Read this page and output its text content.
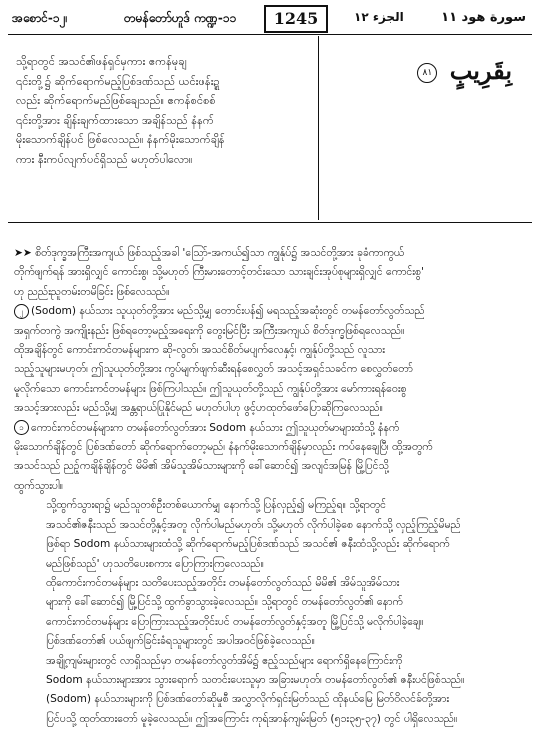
အစောင်-၁၂၊	တမန်တော်ဟူဒ် ကဏ္ဍ-၁၁	1245	الجزء ١٢	سورة هود ١١
သို့ရာတွင် အသင်၏ဖန်ရှင်မှကား ဧကန်မုချ
၎င်းတို့၌ ဆိုက်ရောက်မည့်ပြစ်ဒဏ်သည် ယင်းဖန်းဍ္ဍ
လည်း ဆိုက်ရောက်မည်ဖြစ်ချေသည်။ ဧကန်စင်စစ်
၎င်းတို့အား ချိန်းချက်ထားသော အချိန်သည် နံနက်
မိုးသောက်ချိန်ပင် ဖြစ်လေသည်။ နံနက်မိုးသောက်ချိန်
ကား နီးကပ်လျက်ပင်ရှိသည် မဟုတ်ပါလော။
بِقَرِيبٍ ٨١
➤➤ စိတ်ဒုက္ခအကြီးအကျယ် ဖြစ်သည့်အခါ 'သြော်-အကယ်၍သာ ကျွန်ုပ်၌ အသင်တို့အား ခုခံကာကွယ်
တိုက်ဖျက်ရန် အားရှိလျှင် ကောင်းစွ၊ သို့မဟုတ် ကြီးမားတောင့်တင်းသော သားချင်းအုပ်စုများရှိလျှင် ကောင်းစွ'
ဟု ညည်းညူတမ်းတမိခြင်း ဖြစ်လေသည်။
၂ (Sodom) နယ်သား သူယုတ်တို့အား မည်သို့မျှ တောင်းပန်၍ မရသည့်အဆုံးတွင် တမန်တော်လွတ်သည်
အရှက်တကွဲ အကျိုးနည်း ဖြစ်ရတော့မည့်အရေးကို တွေးမြင်ပြီး အကြီးအကျယ် စိတ်ဒုက္ခဖြစ်ရလေသည်။
ထိုအချိန်တွင် ကောင်းကင်တမန်များက ဆို-လွတ်၊ အသင်စိတ်မပျက်လေနှင့်၊ ကျွန်ုပ်တို့သည် လူသား
သည့်သူများမဟုတ်၊ ဤသူယုတ်တို့အား ကွပ်မျက်ဖျက်ဆီးရန်စေလွှတ် အသင့်အရှင်သခင်က စေလွှတ်တော်
မူလိုက်သော ကောင်းကင်တမန်များ ဖြစ်ကြပါသည်။ ဤသူယုတ်တို့သည် ကျွန်ုပ်တို့အား မော်ကားရန်ဝေးစွ
အသင့်အားလည်း မည်သို့မျှ အန္တရာယ်ပြုနိုင်မည် မဟုတ်ပါဟု ဖွင့်ဟထုတ်ဖော်ပြောဆိုကြလေသည်။
၁ ကောင်းကင်တမန်များက တမန်တော်လွတ်အား Sodom နယ်သား ဤသူယုတ်မာများထံသို့ နံနက်
မိုးသောက်ချိန်တွင် ပြစ်ဒဏ်တော် ဆိုက်ရောက်တော့မည်၊ နံနက်မိုးသောက်ချိန်မှာလည်း ကပ်နေချေပြီ၊ ထို့အတွက်
အသင်သည် ညဉ့်ကချိန်ချိန်တွင် မိမိ၏ အိမ်သူအိမ်သားများကို ခေါ်ဆောင်၍ အလျင်အမြန် မြို့ပြင်သို့
ထွက်သွားပါ။
သို့ထွက်သွားရာ၌ မည်သူတစ်ဦးတစ်ယောက်မျှ နောက်သို့ ပြန်လှည့်၍ မကြည့်ရ။ သို့ရာတွင်
အသင်၏ဇနီးသည် အသင်တို့နှင့်အတူ လိုက်ပါမည်မဟုတ်၊ သို့မဟုတ် လိုက်ပါခဲ့စေ နောက်သို့ လှည့်ကြည့်မိမည်
ဖြစ်ရာ Sodom နယ်သားများထံသို့ ဆိုက်ရောက်မည့်ပြစ်ဒဏ်သည် အသင်၏ ဇနီးထံသို့လည်း ဆိုက်ရောက်
မည်ဖြစ်သည်' ဟုသတိပေးစကား ပြောကြားကြလေသည်။
ထိုကောင်းကင်တမန်များ သတိပေးသည့်အတိုင်း တမန်တော်လွတ်သည် မိမိ၏ အိမ်သူအိမ်သား
များကို ခေါ်ဆောင်၍ မြို့ပြင်သို့ ထွက်ခွာသွားခဲ့လေသည်။ သို့ရာတွင် တမန်တော်လွတ်၏ နောက်
ကောင်းကင်တမန်များ ပြောကြားသည့်အတိုင်းပင် တမန်တော်လွတ်နှင့်အတူ မြို့ပြင်သို့ မလိုက်ပါခဲ့ချေ။
ပြစ်ဒဏ်တော်၏ ပယ်ဖျက်ခြင်းခံရသူများတွင် အပါအဝင်ဖြစ်ခဲ့လေသည်။
အချို့ကျမ်းများတွင် လာရှိသည်မှာ တမန်တော်လွတ်အိမ်၌ ဧည့်သည်များ ရောက်ရှိနေကြောင်းကို
Sodom နယ်သားများအား သွားရောက် သတင်းပေးသူမှာ အခြားမဟုတ်၊ တမန်တော်လွတ်၏ ဇနီးပင်ဖြစ်သည်။
(Sodom) နယ်သားများကို ပြစ်ဒဏ်တော်ဆိုမှုစီ အလွှာလိုက်ရှင်းမြတ်သည် ထိုနယ်မြေ မြတ်ဝိလင်ခ်တို့အား
ပြင်ပသို့ ထုတ်ထားတော် မူခဲ့လေသည်။ ဤအကြောင်း ကုရ်အာန်ကျမ်းမြတ် (၅၁း၃၅-၃၇) တွင် ပါရှိလေသည်။
